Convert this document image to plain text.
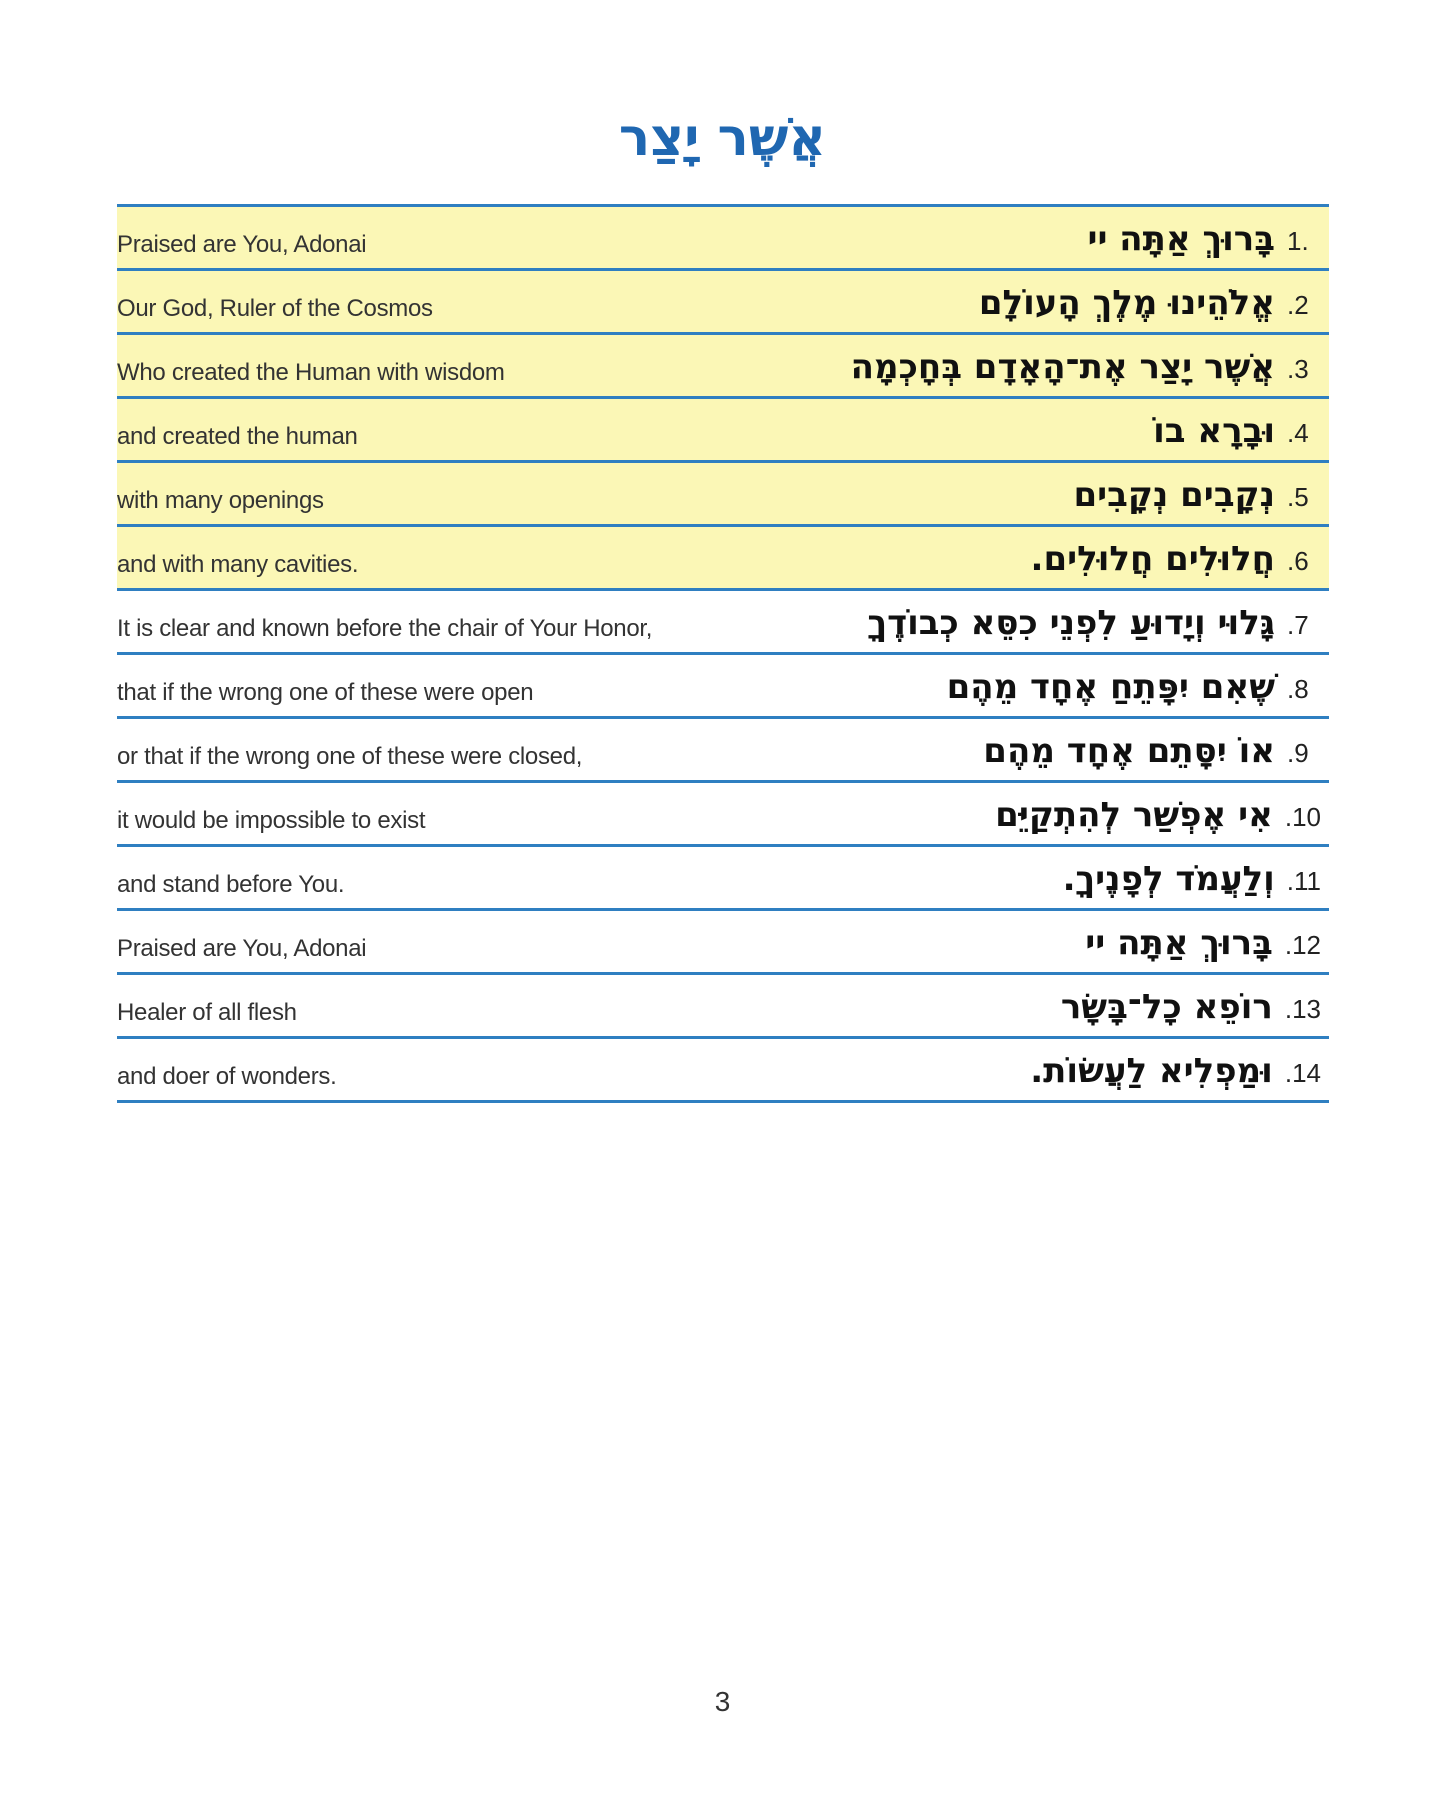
אֲשֶׁר יָצַר
Praised are You, Adonai	בָּרוּךְ אַתָּה יי 1.
Our God, Ruler of the Cosmos	אֱלֹהֵינוּ מֶלֶךְ הָעוֹלָם .2
Who created the Human with wisdom	אֲשֶׁר יָצַר אֶת־הָאָדָם בְּחָכְמָה .3
and created the human	וּבָרָא בוֹ .4
with many openings	נְקָבִים נְקָבִים .5
and with many cavities.	חֲלוּלִים חֲלוּלִים. .6
It is clear and known before the chair of Your Honor,	גָּלוּי וְיָדוּעַ לִפְנֵי כִסֵּא כְבוֹדֶךָ .7
that if the wrong one of these were open	שֶׁאִם יִפָּתֵחַ אֶחָד מֵהֶם .8
or that if the wrong one of these were closed,	אוֹ יִסָּתֵם אֶחָד מֵהֶם .9
it would be impossible to exist	אִי אֶפְשַׁר לְהִתְקַיֵּם .10
and stand before You.	וְלַעֲמֹד לְפָנֶיךָ. .11
Praised are You, Adonai	בָּרוּךְ אַתָּה יי .12
Healer of all flesh	רוֹפֵא כָל־בָּשָׂר .13
and doer of wonders.	וּמַפְלִיא לַעֲשׂוֹת. .14
3
